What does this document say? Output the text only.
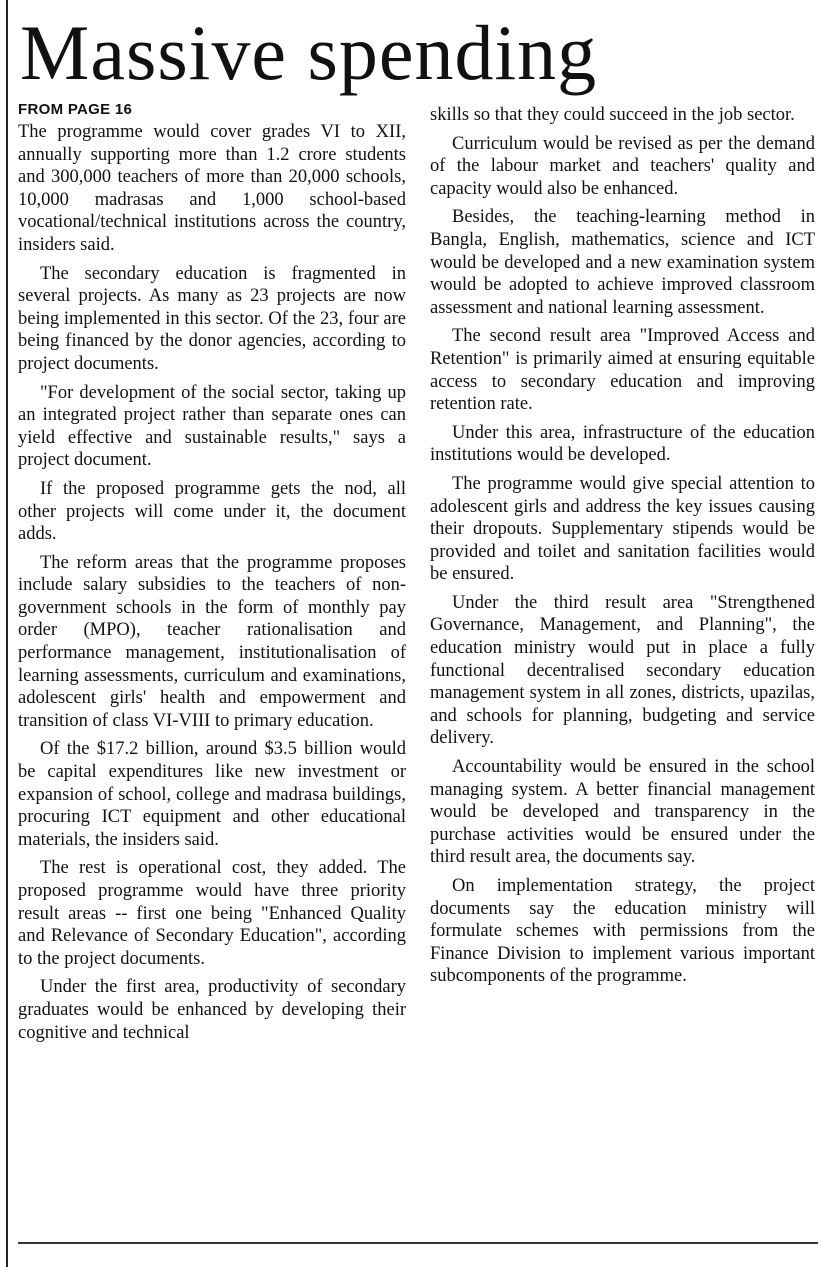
Massive spending
FROM PAGE 16

The programme would cover grades VI to XII, annually supporting more than 1.2 crore students and 300,000 teachers of more than 20,000 schools, 10,000 madrasas and 1,000 school-based vocational/technical institutions across the country, insiders said.

The secondary education is fragmented in several projects. As many as 23 projects are now being implemented in this sector. Of the 23, four are being financed by the donor agencies, according to project documents.

"For development of the social sector, taking up an integrated project rather than separate ones can yield effective and sustainable results," says a project document.

If the proposed programme gets the nod, all other projects will come under it, the document adds.

The reform areas that the programme proposes include salary subsidies to the teachers of non-government schools in the form of monthly pay order (MPO), teacher rationalisation and performance management, institutionalisation of learning assessments, curriculum and examinations, adolescent girls' health and empowerment and transition of class VI-VIII to primary education.

Of the $17.2 billion, around $3.5 billion would be capital expenditures like new investment or expansion of school, college and madrasa buildings, procuring ICT equipment and other educational materials, the insiders said.

The rest is operational cost, they added. The proposed programme would have three priority result areas -- first one being "Enhanced Quality and Relevance of Secondary Education", according to the project documents.

Under the first area, productivity of secondary graduates would be enhanced by developing their cognitive and technical

skills so that they could succeed in the job sector.

Curriculum would be revised as per the demand of the labour market and teachers' quality and capacity would also be enhanced.

Besides, the teaching-learning method in Bangla, English, mathematics, science and ICT would be developed and a new examination system would be adopted to achieve improved classroom assessment and national learning assessment.

The second result area "Improved Access and Retention" is primarily aimed at ensuring equitable access to secondary education and improving retention rate.

Under this area, infrastructure of the education institutions would be developed.

The programme would give special attention to adolescent girls and address the key issues causing their dropouts. Supplementary stipends would be provided and toilet and sanitation facilities would be ensured.

Under the third result area "Strengthened Governance, Management, and Planning", the education ministry would put in place a fully functional decentralised secondary education management system in all zones, districts, upazilas, and schools for planning, budgeting and service delivery.

Accountability would be ensured in the school managing system. A better financial management would be developed and transparency in the purchase activities would be ensured under the third result area, the documents say.

On implementation strategy, the project documents say the education ministry will formulate schemes with permissions from the Finance Division to implement various important subcomponents of the programme.
